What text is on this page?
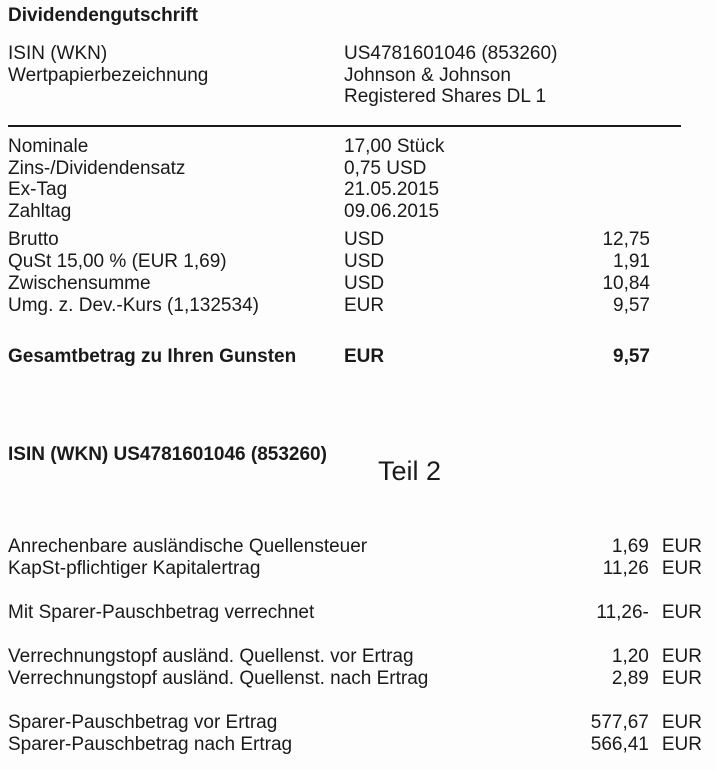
Dividendengutschrift
ISIN (WKN)	US4781601046 (853260)
Wertpapierbezeichnung	Johnson & Johnson
Registered Shares DL 1
Nominale	17,00 Stück
Zins-/Dividendensatz	0,75 USD
Ex-Tag	21.05.2015
Zahltag	09.06.2015
Brutto	USD	12,75
QuSt 15,00 % (EUR 1,69)	USD	1,91
Zwischensumme	USD	10,84
Umg. z. Dev.-Kurs (1,132534)	EUR	9,57
Gesamtbetrag zu Ihren Gunsten	EUR	9,57
ISIN (WKN) US4781601046 (853260)
Teil 2
Anrechenbare ausländische Quellensteuer	1,69 EUR
KapSt-pflichtiger Kapitalertrag	11,26 EUR
Mit Sparer-Pauschbetrag verrechnet	11,26- EUR
Verrechnungstopf ausländ. Quellenst. vor Ertrag	1,20 EUR
Verrechnungstopf ausländ. Quellenst. nach Ertrag	2,89 EUR
Sparer-Pauschbetrag vor Ertrag	577,67 EUR
Sparer-Pauschbetrag nach Ertrag	566,41 EUR
